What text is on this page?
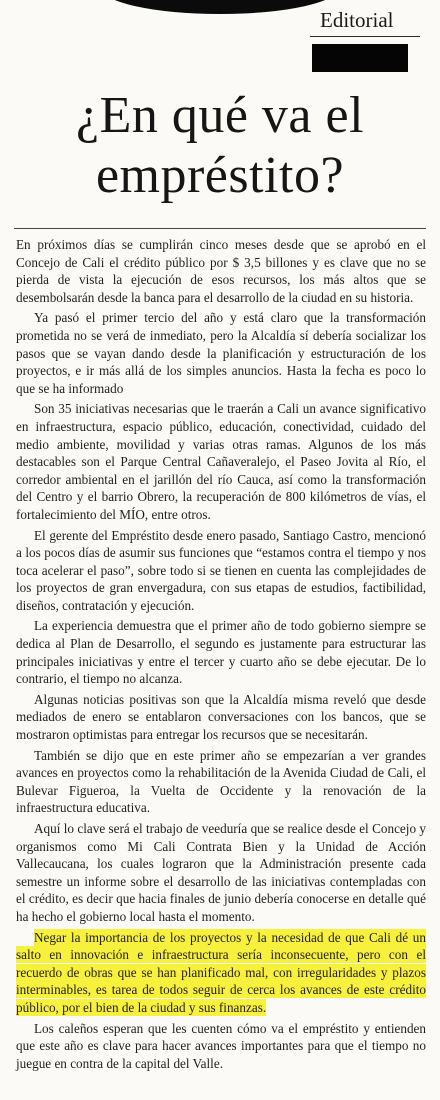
Editorial
¿En qué va el
empréstito?

En próximos días se cumplirán cinco meses desde que se aprobó en el Concejo de Cali el crédito público por $ 3,5 billones y es clave que no se pierda de vista la ejecución de esos recursos, los más altos que se desembolsarán desde la banca para el desarrollo de la ciudad en su historia.

Ya pasó el primer tercio del año y está claro que la transformación prometida no se verá de inmediato, pero la Alcaldía sí debería socializar los pasos que se vayan dando desde la planificación y estructuración de los proyectos, e ir más allá de los simples anuncios. Hasta la fecha es poco lo que se ha informado

Son 35 iniciativas necesarias que le traerán a Cali un avance significativo en infraestructura, espacio público, educación, conectividad, cuidado del medio ambiente, movilidad y varias otras ramas. Algunos de los más destacables son el Parque Central Cañaveralejo, el Paseo Jovita al Río, el corredor ambiental en el jarillón del río Cauca, así como la transformación del Centro y el barrio Obrero, la recuperación de 800 kilómetros de vías, el fortalecimiento del MÍO, entre otros.

El gerente del Empréstito desde enero pasado, Santiago Castro, mencionó a los pocos días de asumir sus funciones que “estamos contra el tiempo y nos toca acelerar el paso”, sobre todo si se tienen en cuenta las complejidades de los proyectos de gran envergadura, con sus etapas de estudios, factibilidad, diseños, contratación y ejecución.

La experiencia demuestra que el primer año de todo gobierno siempre se dedica al Plan de Desarrollo, el segundo es justamente para estructurar las principales iniciativas y entre el tercer y cuarto año se debe ejecutar. De lo contrario, el tiempo no alcanza.

Algunas noticias positivas son que la Alcaldía misma reveló que desde mediados de enero se entablaron conversaciones con los bancos, que se mostraron optimistas para entregar los recursos que se necesitarán.

También se dijo que en este primer año se empezarían a ver grandes avances en proyectos como la rehabilitación de la Avenida Ciudad de Cali, el Bulevar Figueroa, la Vuelta de Occidente y la renovación de la infraestructura educativa.

Aquí lo clave será el trabajo de veeduría que se realice desde el Concejo y organismos como Mi Cali Contrata Bien y la Unidad de Acción Vallecaucana, los cuales lograron que la Administración presente cada semestre un informe sobre el desarrollo de las iniciativas contempladas con el crédito, es decir que hacia finales de junio debería conocerse en detalle qué ha hecho el gobierno local hasta el momento.

Negar la importancia de los proyectos y la necesidad de que Cali dé un salto en innovación e infraestructura sería inconsecuente, pero con el recuerdo de obras que se han planificado mal, con irregularidades y plazos interminables, es tarea de todos seguir de cerca los avances de este crédito público, por el bien de la ciudad y sus finanzas.

Los caleños esperan que les cuenten cómo va el empréstito y entienden que este año es clave para hacer avances importantes para que el tiempo no juegue en contra de la capital del Valle.
